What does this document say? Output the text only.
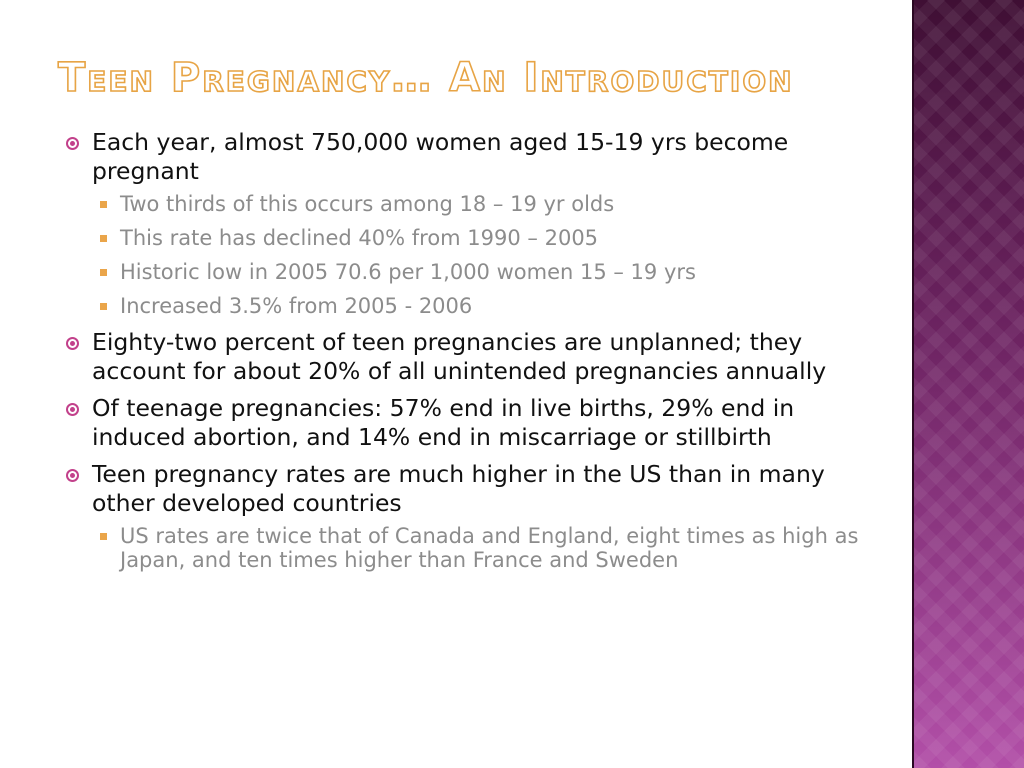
Teen Pregnancy… An Introduction
Each year, almost 750,000 women aged 15-19 yrs become pregnant
Two thirds of this occurs among 18 – 19 yr olds
This rate has declined 40% from 1990 – 2005
Historic low in 2005 70.6 per 1,000 women 15 – 19 yrs
Increased 3.5% from 2005 - 2006
Eighty-two percent of teen pregnancies are unplanned; they account for about 20% of all unintended pregnancies annually
Of teenage pregnancies: 57% end in live births, 29% end in induced abortion, and 14% end in miscarriage or stillbirth
Teen pregnancy rates are much higher in the US than in many other developed countries
US rates are twice that of Canada and England, eight times as high as Japan, and ten times higher than France and Sweden
